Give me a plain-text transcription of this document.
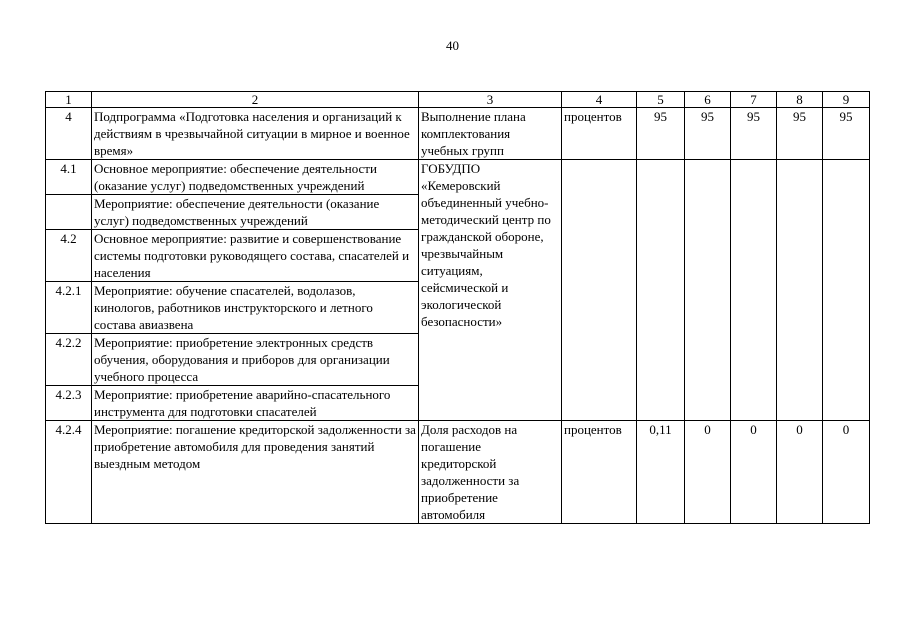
40
1	2	3	4	5	6	7	8	9
4	Подпрограмма «Подготовка населения и организаций к действиям в чрезвычайной ситуации в мирное и военное время»	Выполнение плана комплектования учебных групп	процентов	95	95	95	95	95
4.1	Основное мероприятие: обеспечение деятельности (оказание услуг) подведомственных учреждений	ГОБУДПО «Кемеровский объединенный учебно-методический центр по гражданской обороне, чрезвычайным ситуациям, сейсмической и экологической безопасности»						
	Мероприятие: обеспечение деятельности (оказание услуг) подведомственных учреждений							
4.2	Основное мероприятие: развитие и совершенствование системы подготовки руководящего состава, спасателей и населения							
4.2.1	Мероприятие: обучение спасателей, водолазов, кинологов, работников инструкторского и летного состава авиазвена							
4.2.2	Мероприятие: приобретение электронных средств обучения, оборудования и приборов для организации учебного процесса							
4.2.3	Мероприятие: приобретение аварийно-спасательного инструмента для подготовки спасателей							
4.2.4	Мероприятие: погашение кредиторской задолженности за приобретение автомобиля для проведения занятий выездным методом	Доля расходов на погашение кредиторской задолженности за приобретение автомобиля	процентов	0,11	0	0	0	0
